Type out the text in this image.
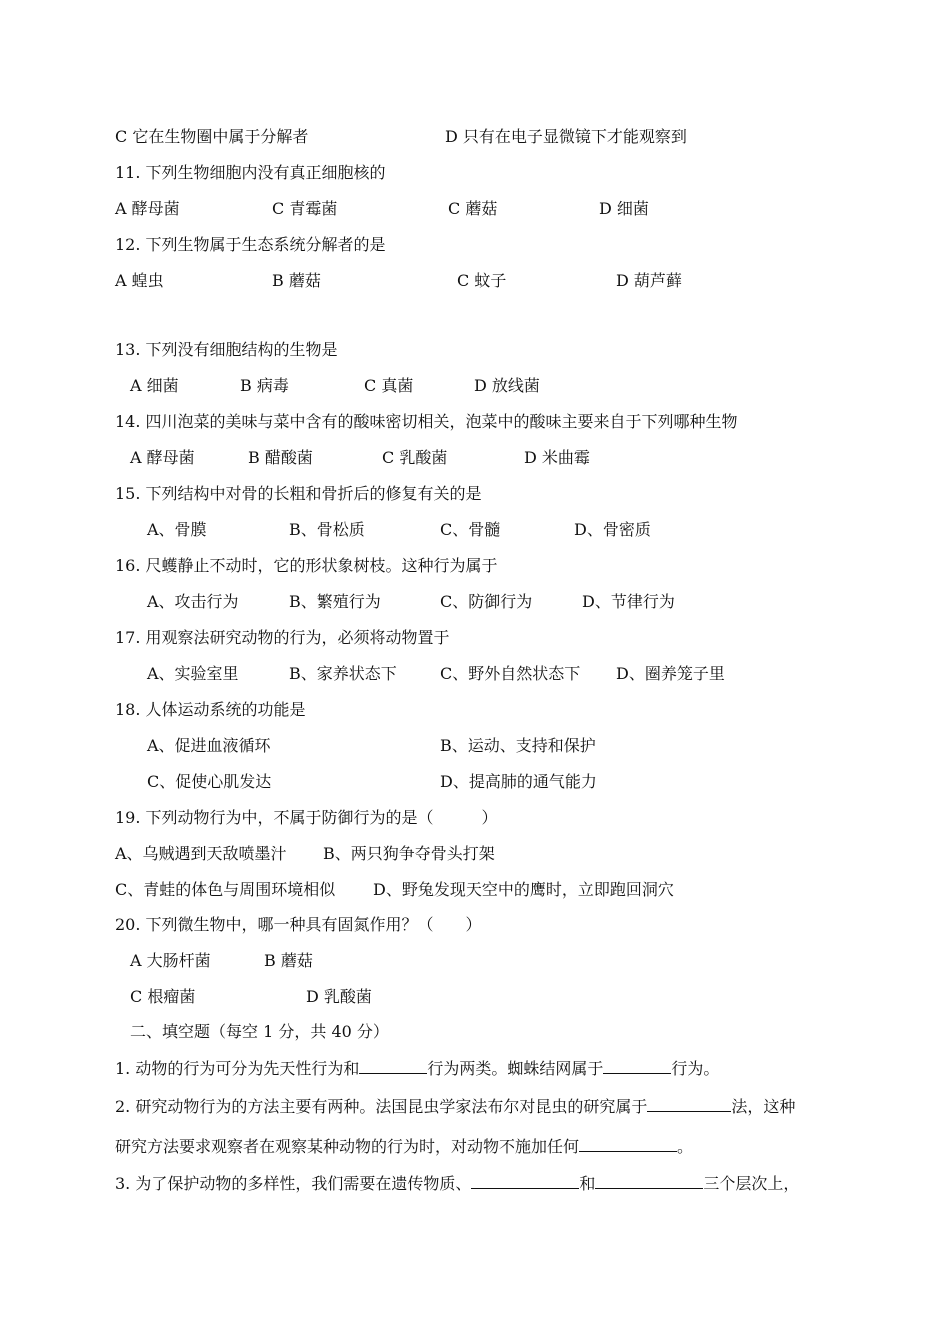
C 它在生物圈中属于分解者	D 只有在电子显微镜下才能观察到
11. 下列生物细胞内没有真正细胞核的
A 酵母菌	C 青霉菌	C 蘑菇	D 细菌
12. 下列生物属于生态系统分解者的是
A 蝗虫	B 蘑菇	C 蚊子	D 葫芦藓
13. 下列没有细胞结构的生物是
A 细菌	B 病毒	C 真菌	D 放线菌
14. 四川泡菜的美味与菜中含有的酸味密切相关，泡菜中的酸味主要来自于下列哪种生物
A 酵母菌	B 醋酸菌	C 乳酸菌	D 米曲霉
15. 下列结构中对骨的长粗和骨折后的修复有关的是
A、骨膜	B、骨松质	C、骨髓	D、骨密质
16. 尺蠖静止不动时，它的形状象树枝。这种行为属于
A、攻击行为	B、繁殖行为	C、防御行为	D、节律行为
17. 用观察法研究动物的行为，必须将动物置于
A、实验室里	B、家养状态下	C、野外自然状态下 D、圈养笼子里
18. 人体运动系统的功能是
A、促进血液循环	B、运动、支持和保护
C、促使心肌发达	D、提高肺的通气能力
19. 下列动物行为中，不属于防御行为的是（　　　）
A、乌贼遇到天敌喷墨汁 B、两只狗争夺骨头打架
C、青蛙的体色与周围环境相似 D、野兔发现天空中的鹰时，立即跑回洞穴
20. 下列微生物中，哪一种具有固氮作用？（　　）
A 大肠杆菌	B 蘑菇
C 根瘤菌	D 乳酸菌
二、填空题（每空 1 分，共 40 分）
1. 动物的行为可分为先天性行为和	行为两类。蜘蛛结网属于	行为。
2. 研究动物行为的方法主要有两种。法国昆虫学家法布尔对昆虫的研究属于	法，这种
研究方法要求观察者在观察某种动物的行为时，对动物不施加任何	。
3. 为了保护动物的多样性，我们需要在遗传物质、	和	三个层次上，
